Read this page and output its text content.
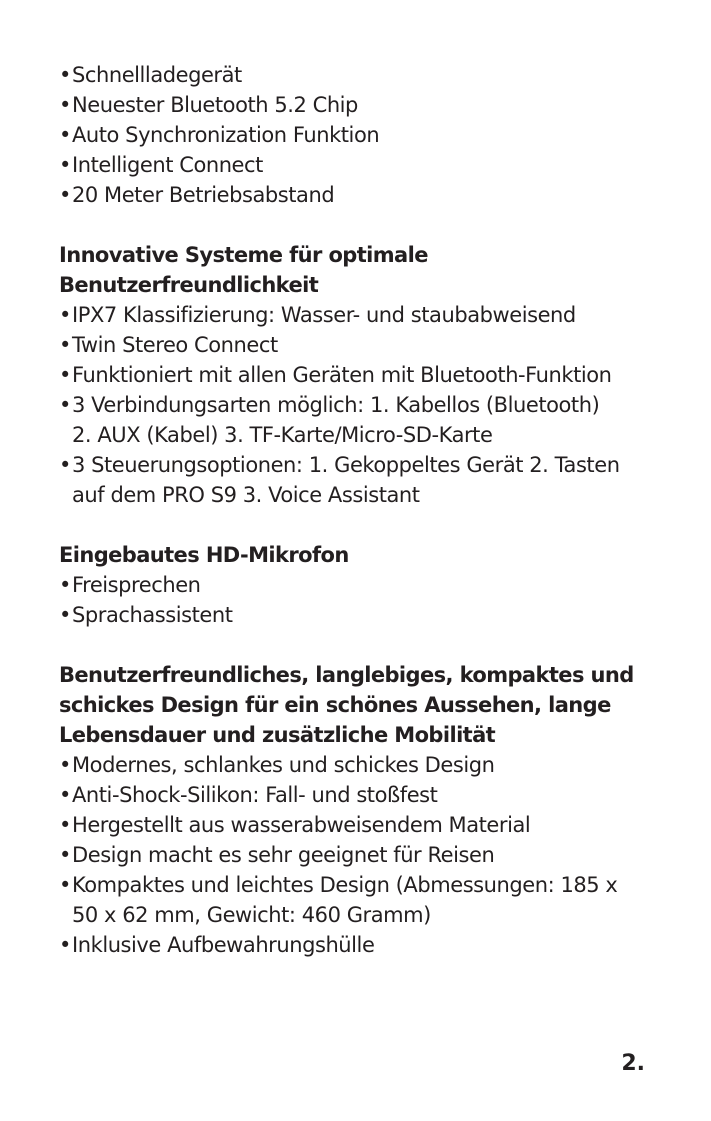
• Schnellladegerät
• Neuester Bluetooth 5.2 Chip
• Auto Synchronization Funktion
• Intelligent Connect
• 20 Meter Betriebsabstand
Innovative Systeme für optimale
Benutzerfreundlichkeit
• IPX7 Klassifizierung: Wasser- und staubabweisend
• Twin Stereo Connect
• Funktioniert mit allen Geräten mit Bluetooth-Funktion
• 3 Verbindungsarten möglich: 1. Kabellos (Bluetooth)
2. AUX (Kabel) 3. TF-Karte/Micro-SD-Karte
• 3 Steuerungsoptionen: 1. Gekoppeltes Gerät 2. Tasten
auf dem PRO S9 3. Voice Assistant
Eingebautes HD-Mikrofon
• Freisprechen
• Sprachassistent
Benutzerfreundliches, langlebiges, kompaktes und
schickes Design für ein schönes Aussehen, lange
Lebensdauer und zusätzliche Mobilität
• Modernes, schlankes und schickes Design
• Anti-Shock-Silikon: Fall- und stoßfest
• Hergestellt aus wasserabweisendem Material
• Design macht es sehr geeignet für Reisen
• Kompaktes und leichtes Design (Abmessungen: 185 x
50 x 62 mm, Gewicht: 460 Gramm)
• Inklusive Aufbewahrungshülle
2.
